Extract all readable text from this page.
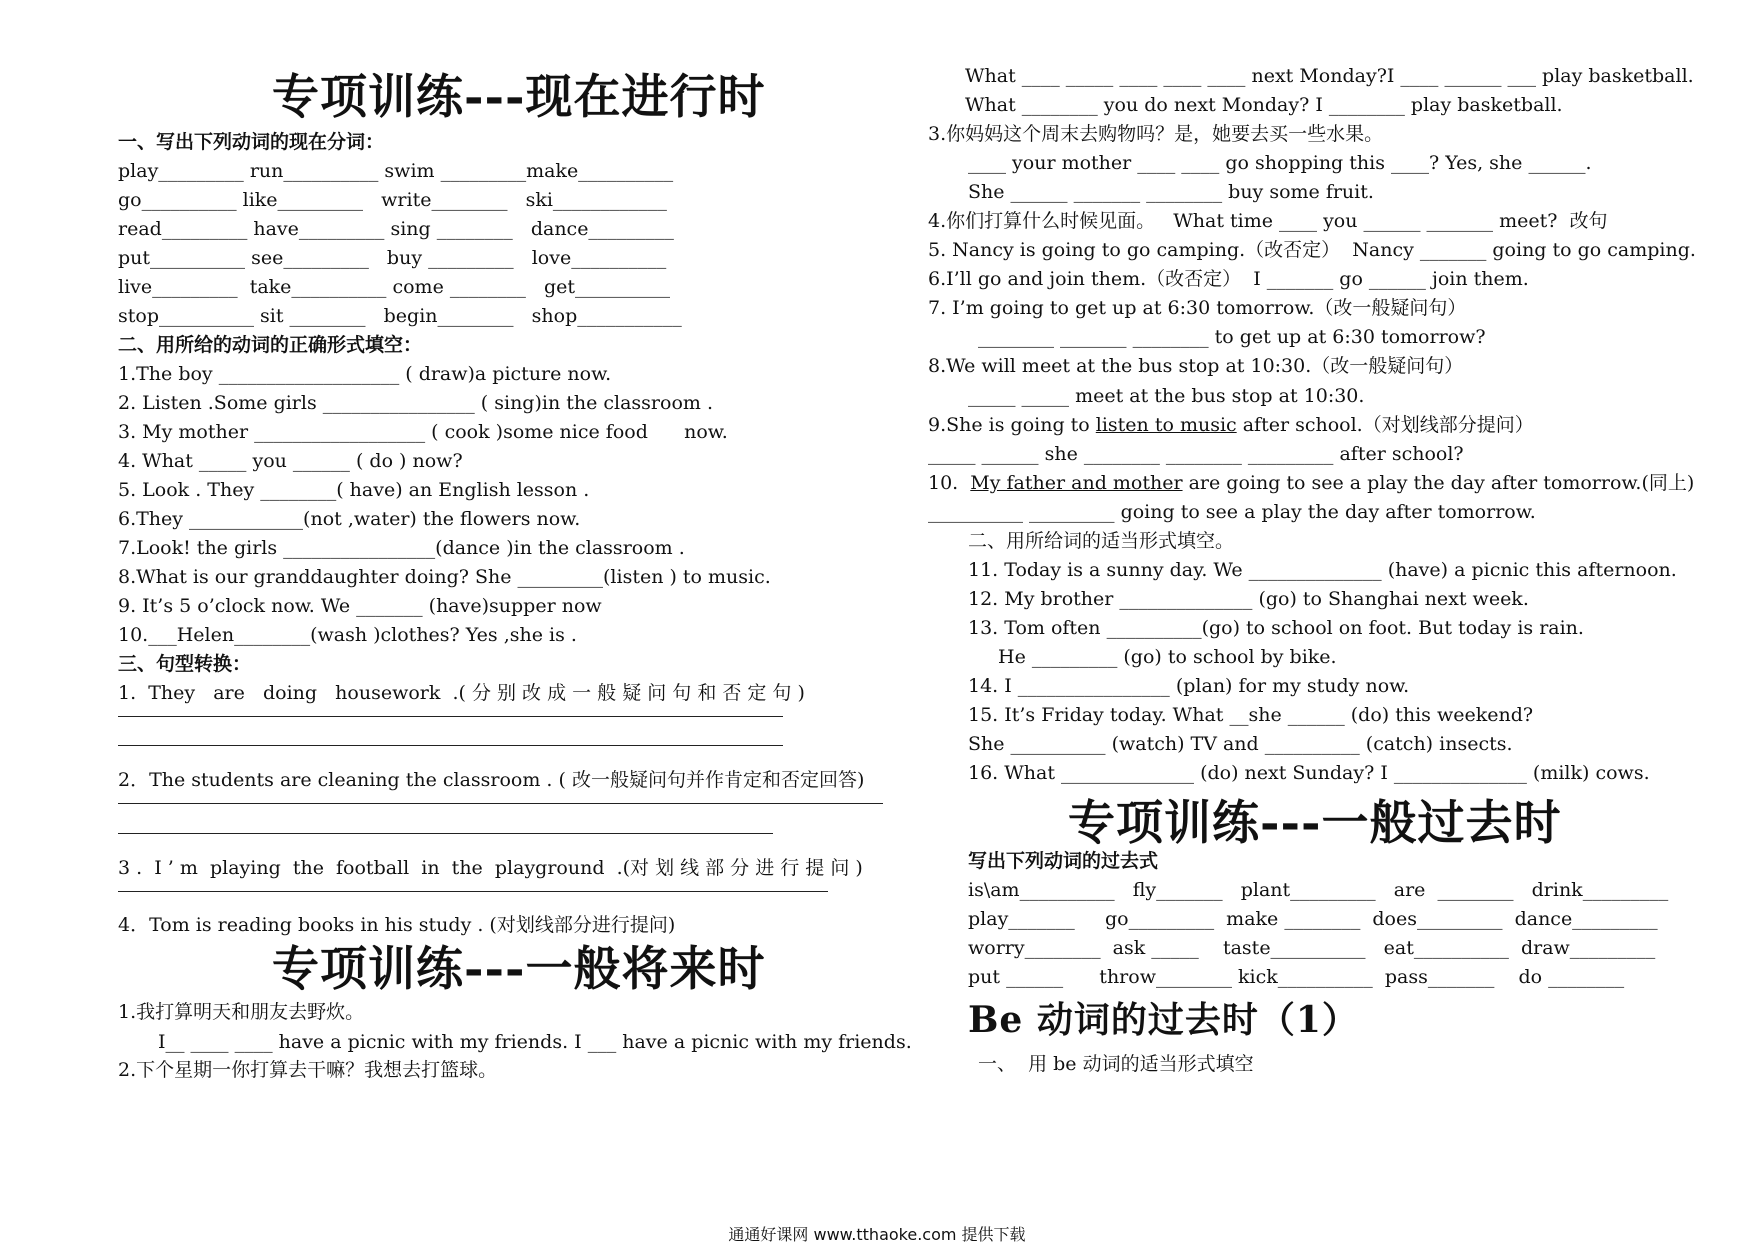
专项训练---现在进行时
一、写出下列动词的现在分词：
play_________ run__________ swim _________make__________
go__________ like_________   write________   ski____________
read_________ have_________ sing ________   dance_________
put__________ see_________   buy _________   love__________
live_________  take__________ come ________   get__________
stop__________ sit ________   begin________   shop___________
二、用所给的动词的正确形式填空：
1.The boy ___________________ ( draw)a picture now.
2. Listen .Some girls ________________ ( sing)in the classroom .
3. My mother __________________ ( cook )some nice food      now.
4. What _____ you ______ ( do ) now?
5. Look . They ________( have) an English lesson .
6.They ____________(not ,water) the flowers now.
7.Look! the girls ________________(dance )in the classroom .
8.What is our granddaughter doing? She _________(listen ) to music.
9. It’s 5 o’clock now. We _______ (have)supper now
10.___Helen________(wash )clothes? Yes ,she is .
三、句型转换：
1.  They   are   doing   housework  .( 分 别 改 成 一 般 疑 问 句 和 否 定 句 )
2．The students are cleaning the classroom . ( 改一般疑问句并作肯定和否定回答)
3 .  I ’ m  playing  the  football  in  the  playground  .(对 划 线 部 分 进 行 提 问 )
4．Tom is reading books in his study . (对划线部分进行提问)
专项训练---一般将来时
1.我打算明天和朋友去野炊。
I__ ____ ____ have a picnic with my friends. I ___ have a picnic with my friends.
2.下个星期一你打算去干嘛？我想去打篮球。
What ____ _____ ____ ____ ____ next Monday?I ____ ______ ___ play basketball.
What ________ you do next Monday? I ________ play basketball.
3.你妈妈这个周末去购物吗？是，她要去买一些水果。
____ your mother ____ ____ go shopping this ____? Yes, she ______.
She ______ _______ ________ buy some fruit.
4.你们打算什么时候见面。   What time ____ you ______ _______ meet?  改句
5. Nancy is going to go camping.（改否定）  Nancy _______ going to go camping.
6.I’ll go and join them.（改否定）  I _______ go ______ join them.
7. I’m going to get up at 6:30 tomorrow.（改一般疑问句）
________ _______ ________ to get up at 6:30 tomorrow?
8.We will meet at the bus stop at 10:30.（改一般疑问句）
_____ _____ meet at the bus stop at 10:30.
9.She is going to listen to music after school.（对划线部分提问）
_____ ______ she ________ ________ _________ after school?
10.  My father and mother are going to see a play the day after tomorrow.(同上)
__________ _________ going to see a play the day after tomorrow.
二、用所给词的适当形式填空。
11. Today is a sunny day. We ______________ (have) a picnic this afternoon.
12. My brother ______________ (go) to Shanghai next week.
13. Tom often __________(go) to school on foot. But today is rain.
He _________ (go) to school by bike.
14. I ________________ (plan) for my study now.
15. It’s Friday today. What __she ______ (do) this weekend?
She __________ (watch) TV and __________ (catch) insects.
16. What ______________ (do) next Sunday? I ______________ (milk) cows.
专项训练---一般过去时
写出下列动词的过去式
is\am__________   fly_______   plant_________   are  ________   drink_________
play_______     go_________  make ________  does_________  dance_________
worry________  ask _____    taste__________   eat__________  draw_________
put ______      throw________ kick__________  pass_______    do ________
Be 动词的过去时（1）
一、  用 be 动词的适当形式填空
通通好课网 www.tthaoke.com 提供下载
